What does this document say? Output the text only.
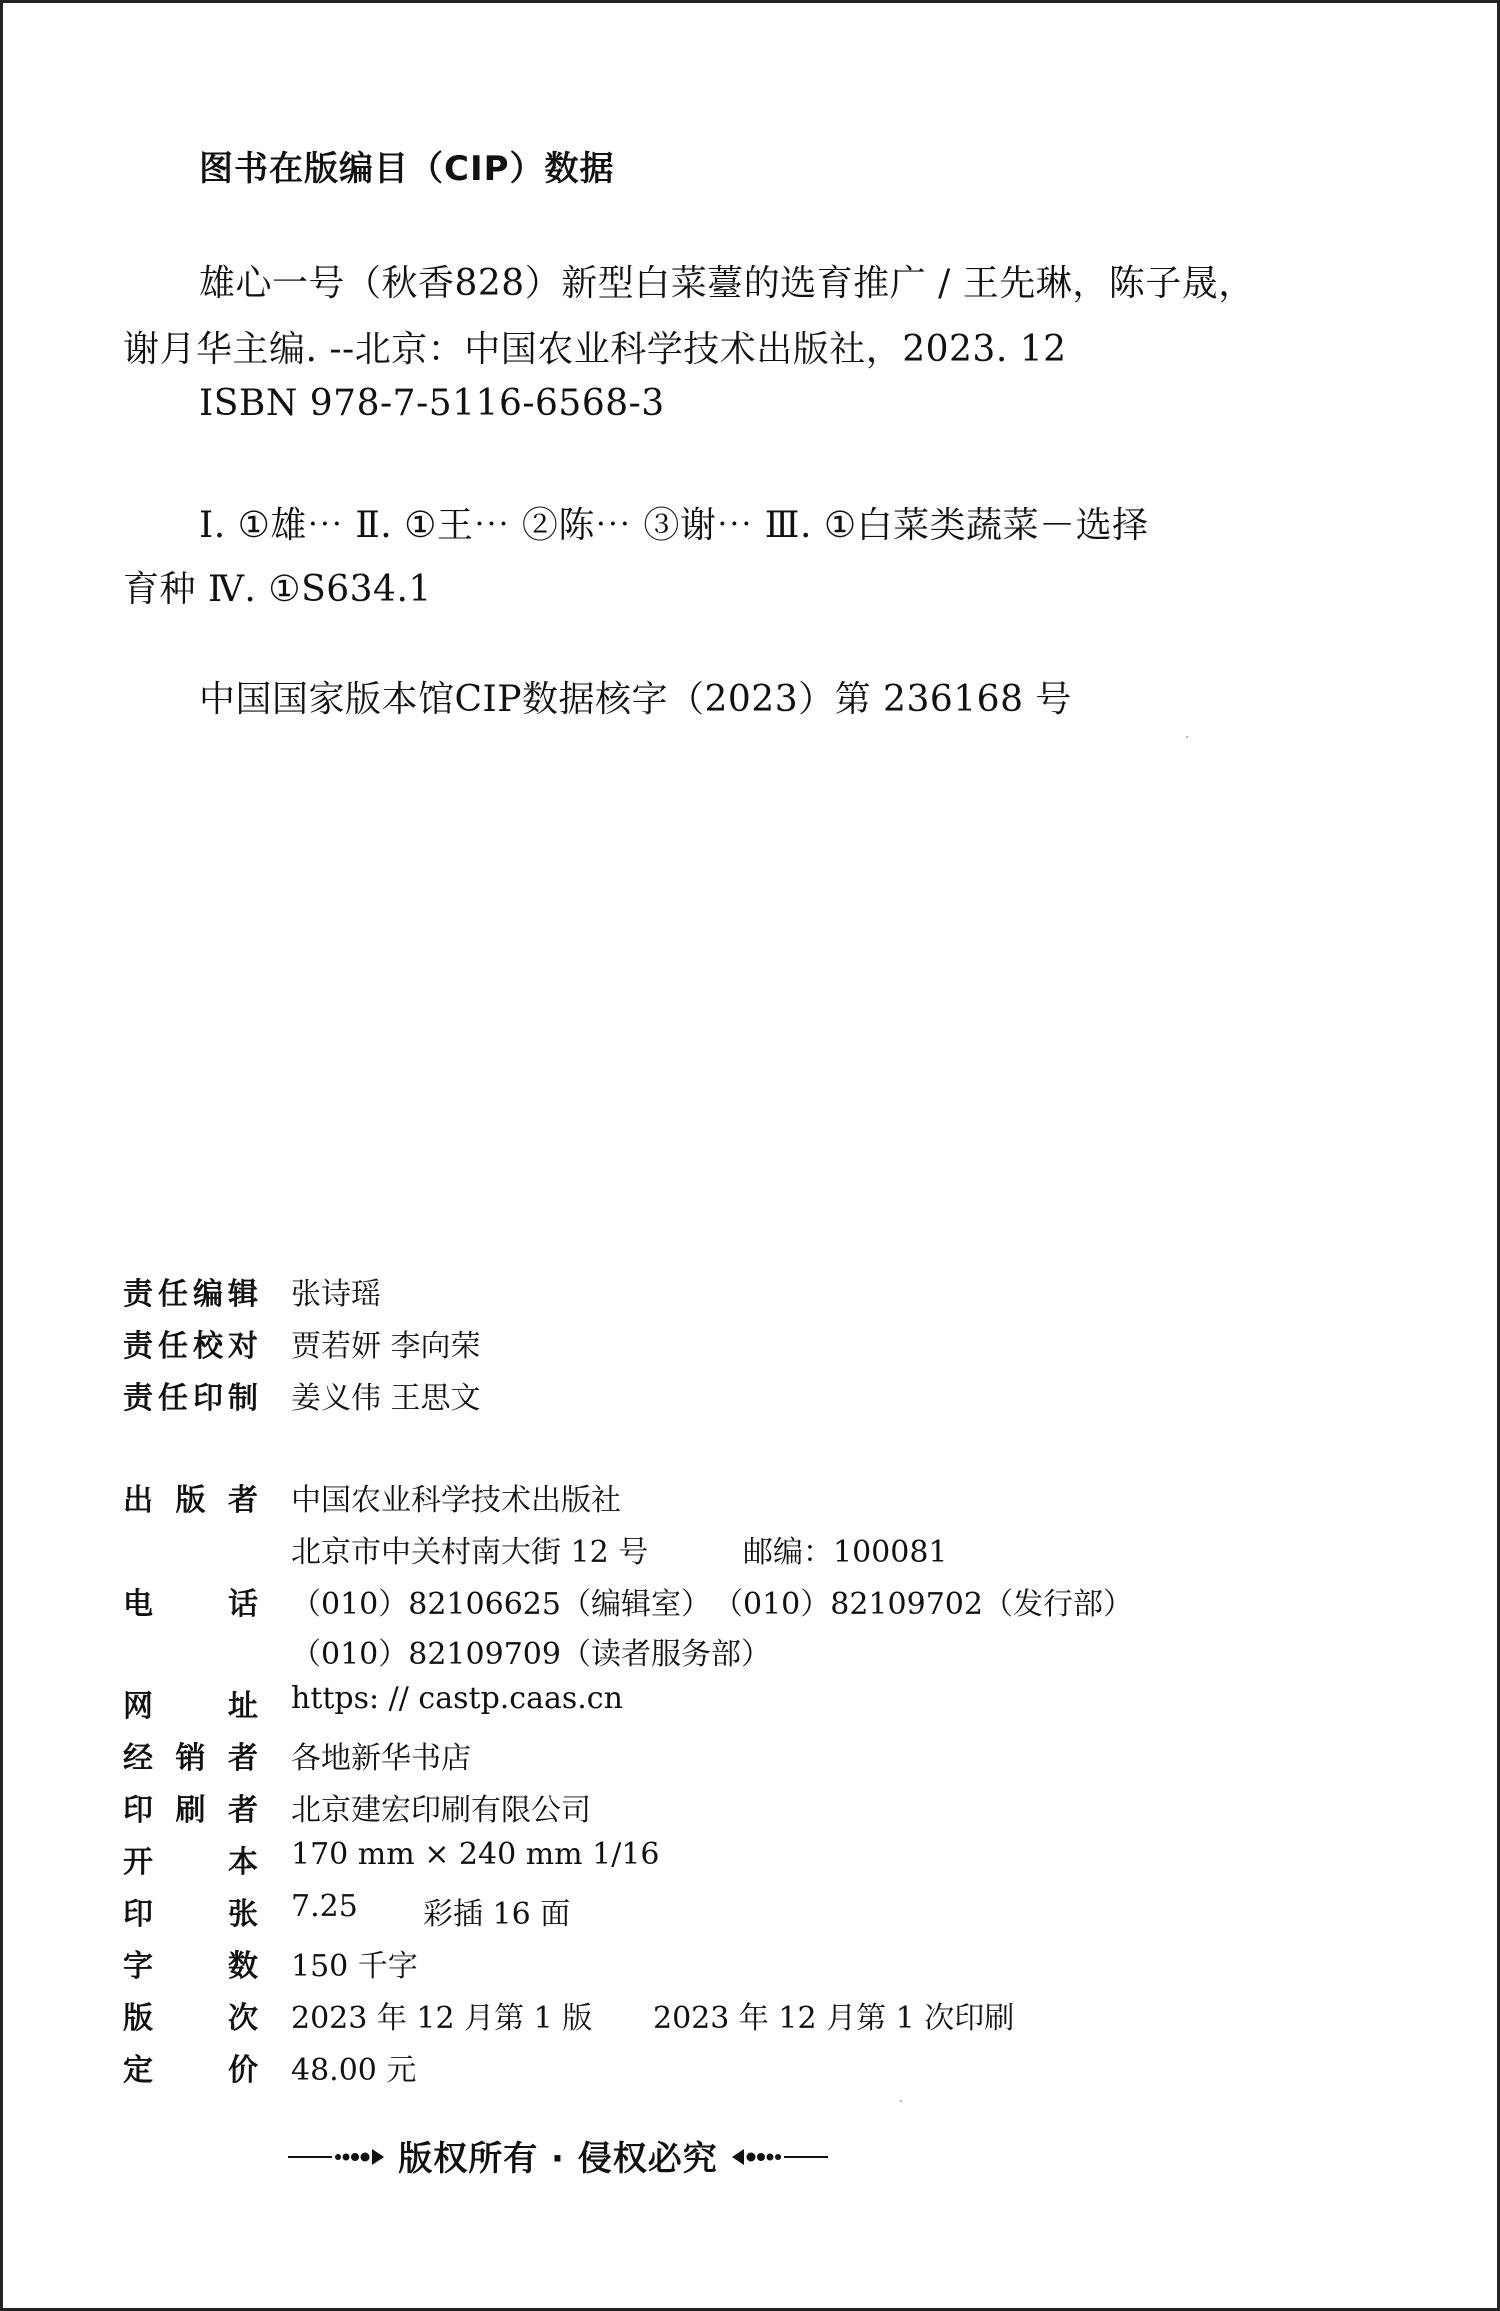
图书在版编目（CIP）数据
雄心一号（秋香828）新型白菜薹的选育推广 / 王先琳，陈子晟，
谢月华主编. --北京：中国农业科学技术出版社，2023. 12
ISBN 978-7-5116-6568-3
Ⅰ. ①雄⋯ Ⅱ. ①王⋯ ②陈⋯ ③谢⋯ Ⅲ. ①白菜类蔬菜－选择
育种 Ⅳ. ①S634.1
中国国家版本馆CIP数据核字（2023）第 236168 号
责任编辑 张诗瑶
责任校对 贾若妍 李向荣
责任印制 姜义伟 王思文
出版者 中国农业科学技术出版社
北京市中关村南大街 12 号	邮编：100081
电话 （010）82106625（编辑室） （010）82109702（发行部）
（010）82109709（读者服务部）
网址 https: // castp.caas.cn
经销者 各地新华书店
印刷者 北京建宏印刷有限公司
开本 170 mm × 240 mm 1/16
印张 7.25 彩插 16 面
字数 150 千字
版次 2023 年 12 月第 1 版 2023 年 12 月第 1 次印刷
定价 48.00 元
版权所有 · 侵权必究
